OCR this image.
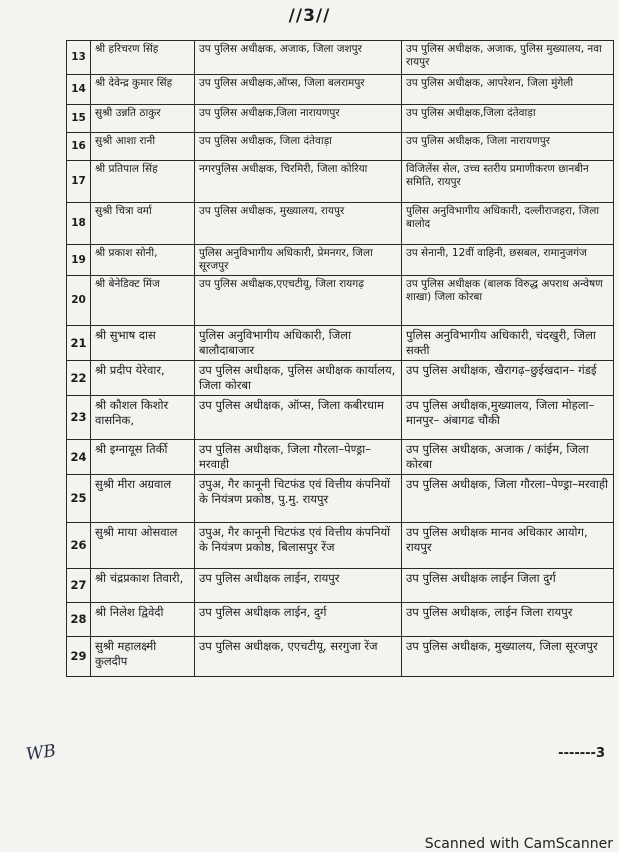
//3//
13	श्री हरिचरण सिंह	उप पुलिस अधीक्षक, अजाक, जिला जशपुर	उप पुलिस अधीक्षक, अजाक, पुलिस मुख्यालय, नवा रायपुर
14	श्री देवेन्द्र कुमार सिंह	उप पुलिस अधीक्षक,ऑप्स, जिला बलरामपुर	उप पुलिस अधीक्षक, आपरेशन, जिला मुंगेली
15	सुश्री उन्नति ठाकुर	उप पुलिस अधीक्षक,जिला नारायणपुर	उप पुलिस अधीक्षक,जिला दंतेवाड़ा
16	सुश्री आशा रानी	उप पुलिस अधीक्षक, जिला दंतेवाड़ा	उप पुलिस अधीक्षक, जिला नारायणपुर
17	श्री प्रतिपाल सिंह	नगरपुलिस अधीक्षक, चिरमिरी, जिला कोरिया	विजिलेंस सेल, उच्च स्तरीय प्रमाणीकरण छानबीन समिति, रायपुर
18	सुश्री चित्रा वर्मा	उप पुलिस अधीक्षक, मुख्यालय, रायपुर	पुलिस अनुविभागीय अधिकारी, दल्लीराजहरा, जिला बालोद
19	श्री प्रकाश सोनी,	पुलिस अनुविभागीय अधिकारी, प्रेमनगर, जिला सूरजपुर	उप सेनानी, 12वीं वाहिनी, छसबल, रामानुजगंज
20	श्री बेनेडिक्ट मिंज	उप पुलिस अधीक्षक,एएचटीयू, जिला रायगढ़	उप पुलिस अधीक्षक (बालक विरुद्ध अपराध अन्वेषण शाखा) जिला कोरबा
21	श्री सुभाष दास	पुलिस अनुविभागीय अधिकारी, जिला बालौदाबाजार	पुलिस अनुविभागीय अधिकारी, चंदखुरी, जिला सक्ती
22	श्री प्रदीप येरेवार,	उप पुलिस अधीक्षक, पुलिस अधीक्षक कार्यालय, जिला कोरबा	उप पुलिस अधीक्षक, खैरागढ़–छुईखदान– गंडई
23	श्री कौशल किशोर वासनिक,	उप पुलिस अधीक्षक, ऑप्स, जिला कबीरधाम	उप पुलिस अधीक्षक,मुख्यालय, जिला मोहला–मानपुर– अंबागढ चौकी
24	श्री इग्नायूस तिर्की	उप पुलिस अधीक्षक, जिला गौरला–पेण्ड्रा–मरवाही	उप पुलिस अधीक्षक, अजाक / कांईम, जिला कोरबा
25	सुश्री मीरा अग्रवाल	उपुअ, गैर कानूनी चिटफंड एवं वित्तीय कंपनियों के नियंत्रण प्रकोष्ठ, पु.मु. रायपुर	उप पुलिस अधीक्षक, जिला गौरला–पेण्ड्रा–मरवाही
26	सुश्री माया ओसवाल	उपुअ, गैर कानूनी चिटफंड एवं वित्तीय कंपनियों के नियंत्रण प्रकोष्ठ, बिलासपुर रेंज	उप पुलिस अधीक्षक मानव अधिकार आयोग, रायपुर
27	श्री चंद्रप्रकाश तिवारी,	उप पुलिस अधीक्षक लाईन, रायपुर	उप पुलिस अधीक्षक लाईन जिला दुर्ग
28	श्री निलेश द्विवेदी	उप पुलिस अधीक्षक लाईन, दुर्ग	उप पुलिस अधीक्षक, लाईन जिला रायपुर
29	सुश्री महालक्ष्मी कुलदीप	उप पुलिस अधीक्षक, एएचटीयू, सरगुजा रेंज	उप पुलिस अधीक्षक, मुख्यालय, जिला सूरजपुर
WB	-------3
Scanned with CamScanner
